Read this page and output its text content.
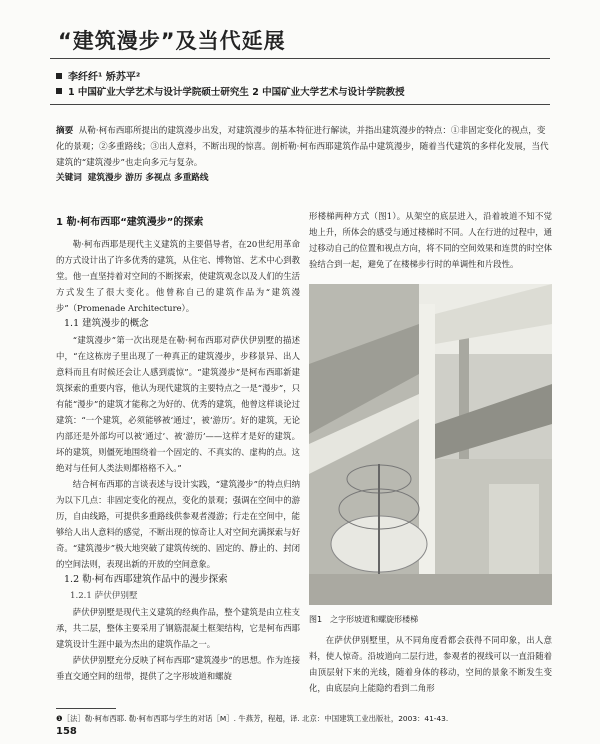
“建筑漫步”及当代延展
李纤纤¹ 矫苏平²
1 中国矿业大学艺术与设计学院硕士研究生 2 中国矿业大学艺术与设计学院教授
摘要 从勒·柯布西耶所提出的建筑漫步出发，对建筑漫步的基本特征进行解读，并指出建筑漫步的特点：①非固定变化的视点，变化的景观；②多重路线；③出人意料，不断出现的惊喜。剖析勒·柯布西耶建筑作品中建筑漫步，随着当代建筑的多样化发展，当代建筑的“建筑漫步”也走向多元与复杂。
关键词 建筑漫步 游历 多视点 多重路线
1 勒·柯布西耶“建筑漫步”的探索

勒·柯布西耶是现代主义建筑的主要倡导者，在20世纪用革命的方式设计出了许多优秀的建筑，从住宅、博物馆、艺术中心到教堂。他一直坚持着对空间的不断探索，使建筑观念以及人们的生活方式发生了很大变化。他曾称自己的建筑作品为“建筑漫步”（Promenade Architecture）。

1.1 建筑漫步的概念

“建筑漫步”第一次出现是在勒·柯布西耶对萨伏伊别墅的描述中，“在这栋房子里出现了一种真正的建筑漫步，步移景异、出人意料而且有时候还会让人感到震惊”。“建筑漫步”是柯布西耶新建筑探索的重要内容，他认为现代建筑的主要特点之一是“漫步”，只有能“漫步”的建筑才能称之为好的、优秀的建筑，他曾这样谈论过建筑：“一个建筑，必须能够被‘通过’，被‘游历’。好的建筑，无论内部还是外部均可以被‘通过’、被‘游历’——这样才是好的建筑。坏的建筑，则僵死地围绕着一个固定的、不真实的、虚构的点。这绝对与任何人类法则都格格不入。”

结合柯布西耶的言谈表述与设计实践，“建筑漫步”的特点归纳为以下几点：非固定变化的视点，变化的景观；强调在空间中的游历，自由线路，可提供多重路线供参观者漫游；行走在空间中，能够给人出人意料的感觉，不断出现的惊奇让人对空间充满探索与好奇。“建筑漫步”极大地突破了建筑传统的、固定的、静止的、封闭的空间法则，表现出新的开放的空间意象。

1.2 勒·柯布西耶建筑作品中的漫步探索
1.2.1 萨伏伊别墅

萨伏伊别墅是现代主义建筑的经典作品，整个建筑是由立柱支承，共二层，整体主要采用了钢筋混凝土框架结构，它是柯布西耶建筑设计生涯中最为杰出的建筑作品之一。

萨伏伊别墅充分反映了柯布西耶“建筑漫步”的思想。作为连接垂直交通空间的纽带，提供了之字形坡道和螺旋

形楼梯两种方式（图1）。从架空的底层进入，沿着坡道不知不觉地上升，所体会的感受与通过楼梯时不同。人在行进的过程中，通过移动自己的位置和视点方向，将不同的空间效果和连贯的时空体验结合到一起，避免了在楼梯步行时的单调性和片段性。

图1 之字形坡道和螺旋形楼梯

在萨伏伊别墅里，从不同角度看都会获得不同印象，出人意料，使人惊奇。沿坡道向二层行进，参观者的视线可以一直沿随着由顶层射下来的光线，随着身体的移动，空间的景象不断发生变化，由底层向上能隐约看到二角形

❶［法］勒·柯布西耶. 勒·柯布西耶与学生的对话［M］. 牛燕芳，程超，译. 北京：中国建筑工业出版社，2003：41-43.
158
